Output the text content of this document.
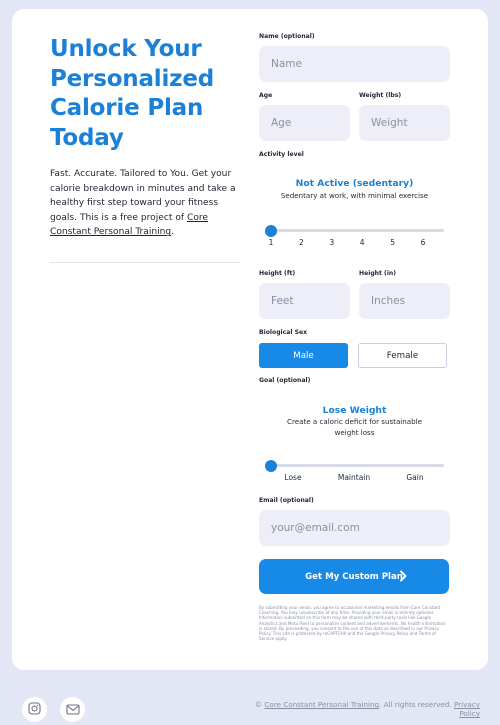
Unlock Your
Personalized
Calorie Plan
Today

Fast. Accurate. Tailored to You. Get your calorie breakdown in minutes and take a healthy first step toward your fitness goals. This is a free project of Core Constant Personal Training.

Name (optional)
Name
Age
Age
Weight (lbs)
Weight
Activity level
Not Active (sedentary)
Sedentary at work, with minimal exercise
1	2	3	4	5	6
Height (ft)
Feet
Height (in)
Inches
Biological Sex
Male	Female
Goal (optional)
Lose Weight
Create a caloric deficit for sustainable weight loss
Lose	Maintain	Gain
Email (optional)
your@email.com
Get My Custom Plan
By submitting your email, you agree to occasional marketing emails from Core Constant Coaching. You may unsubscribe at any time. Providing your email is entirely optional. Information submitted on this form may be shared with third-party tools like Google Analytics and Meta Pixel to personalize content and advertisements. No health information is stored. By proceeding, you consent to the use of this data as described in our Privacy Policy. This site is protected by reCAPTCHA and the Google Privacy Policy and Terms of Service apply.
© Core Constant Personal Training. All rights reserved. Privacy Policy
